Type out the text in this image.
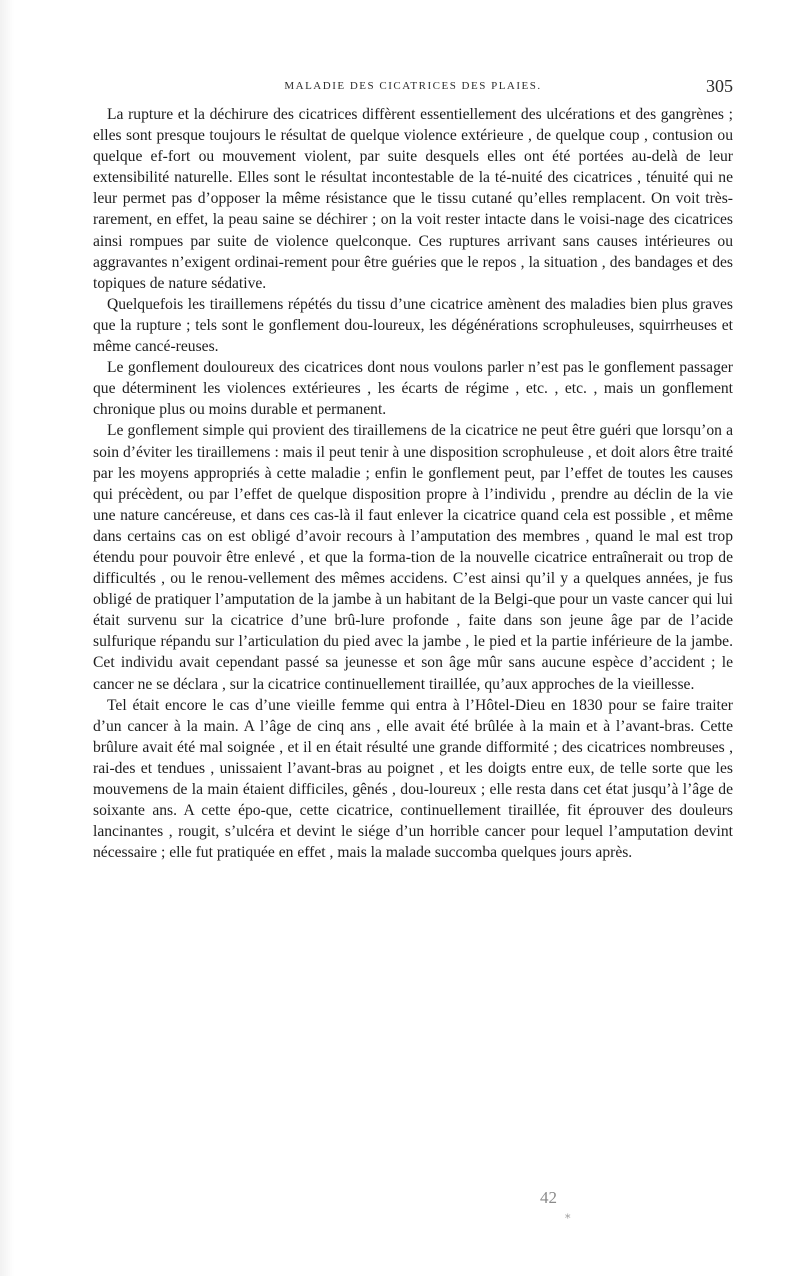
MALADIE DES CICATRICES DES PLAIES.	305

La rupture et la déchirure des cicatrices diffèrent essentiellement des ulcérations et des gangrènes ; elles sont presque toujours le résultat de quelque violence extérieure , de quelque coup , contusion ou quelque ef-fort ou mouvement violent, par suite desquels elles ont été portées au-delà de leur extensibilité naturelle. Elles sont le résultat incontestable de la té-nuité des cicatrices , ténuité qui ne leur permet pas d’opposer la même résistance que le tissu cutané qu’elles remplacent. On voit très-rarement, en effet, la peau saine se déchirer ; on la voit rester intacte dans le voisi-nage des cicatrices ainsi rompues par suite de violence quelconque. Ces ruptures arrivant sans causes intérieures ou aggravantes n’exigent ordinai-rement pour être guéries que le repos , la situation , des bandages et des topiques de nature sédative.

Quelquefois les tiraillemens répétés du tissu d’une cicatrice amènent des maladies bien plus graves que la rupture ; tels sont le gonflement dou-loureux, les dégénérations scrophuleuses, squirrheuses et même cancé-reuses.

Le gonflement douloureux des cicatrices dont nous voulons parler n’est pas le gonflement passager que déterminent les violences extérieures , les écarts de régime , etc. , etc. , mais un gonflement chronique plus ou moins durable et permanent.

Le gonflement simple qui provient des tiraillemens de la cicatrice ne peut être guéri que lorsqu’on a soin d’éviter les tiraillemens : mais il peut tenir à une disposition scrophuleuse , et doit alors être traité par les moyens appropriés à cette maladie ; enfin le gonflement peut, par l’effet de toutes les causes qui précèdent, ou par l’effet de quelque disposition propre à l’individu , prendre au déclin de la vie une nature cancéreuse, et dans ces cas-là il faut enlever la cicatrice quand cela est possible , et même dans certains cas on est obligé d’avoir recours à l’amputation des membres , quand le mal est trop étendu pour pouvoir être enlevé , et que la forma-tion de la nouvelle cicatrice entraînerait ou trop de difficultés , ou le renou-vellement des mêmes accidens. C’est ainsi qu’il y a quelques années, je fus obligé de pratiquer l’amputation de la jambe à un habitant de la Belgi-que pour un vaste cancer qui lui était survenu sur la cicatrice d’une brû-lure profonde , faite dans son jeune âge par de l’acide sulfurique répandu sur l’articulation du pied avec la jambe , le pied et la partie inférieure de la jambe. Cet individu avait cependant passé sa jeunesse et son âge mûr sans aucune espèce d’accident ; le cancer ne se déclara , sur la cicatrice continuellement tiraillée, qu’aux approches de la vieillesse.

Tel était encore le cas d’une vieille femme qui entra à l’Hôtel-Dieu en 1830 pour se faire traiter d’un cancer à la main. A l’âge de cinq ans , elle avait été brûlée à la main et à l’avant-bras. Cette brûlure avait été mal soignée , et il en était résulté une grande difformité ; des cicatrices nombreuses , rai-des et tendues , unissaient l’avant-bras au poignet , et les doigts entre eux, de telle sorte que les mouvemens de la main étaient difficiles, gênés , dou-loureux ; elle resta dans cet état jusqu’à l’âge de soixante ans. A cette épo-que, cette cicatrice, continuellement tiraillée, fit éprouver des douleurs lancinantes , rougit, s’ulcéra et devint le siége d’un horrible cancer pour lequel l’amputation devint nécessaire ; elle fut pratiquée en effet , mais la malade succomba quelques jours après.

42
*
